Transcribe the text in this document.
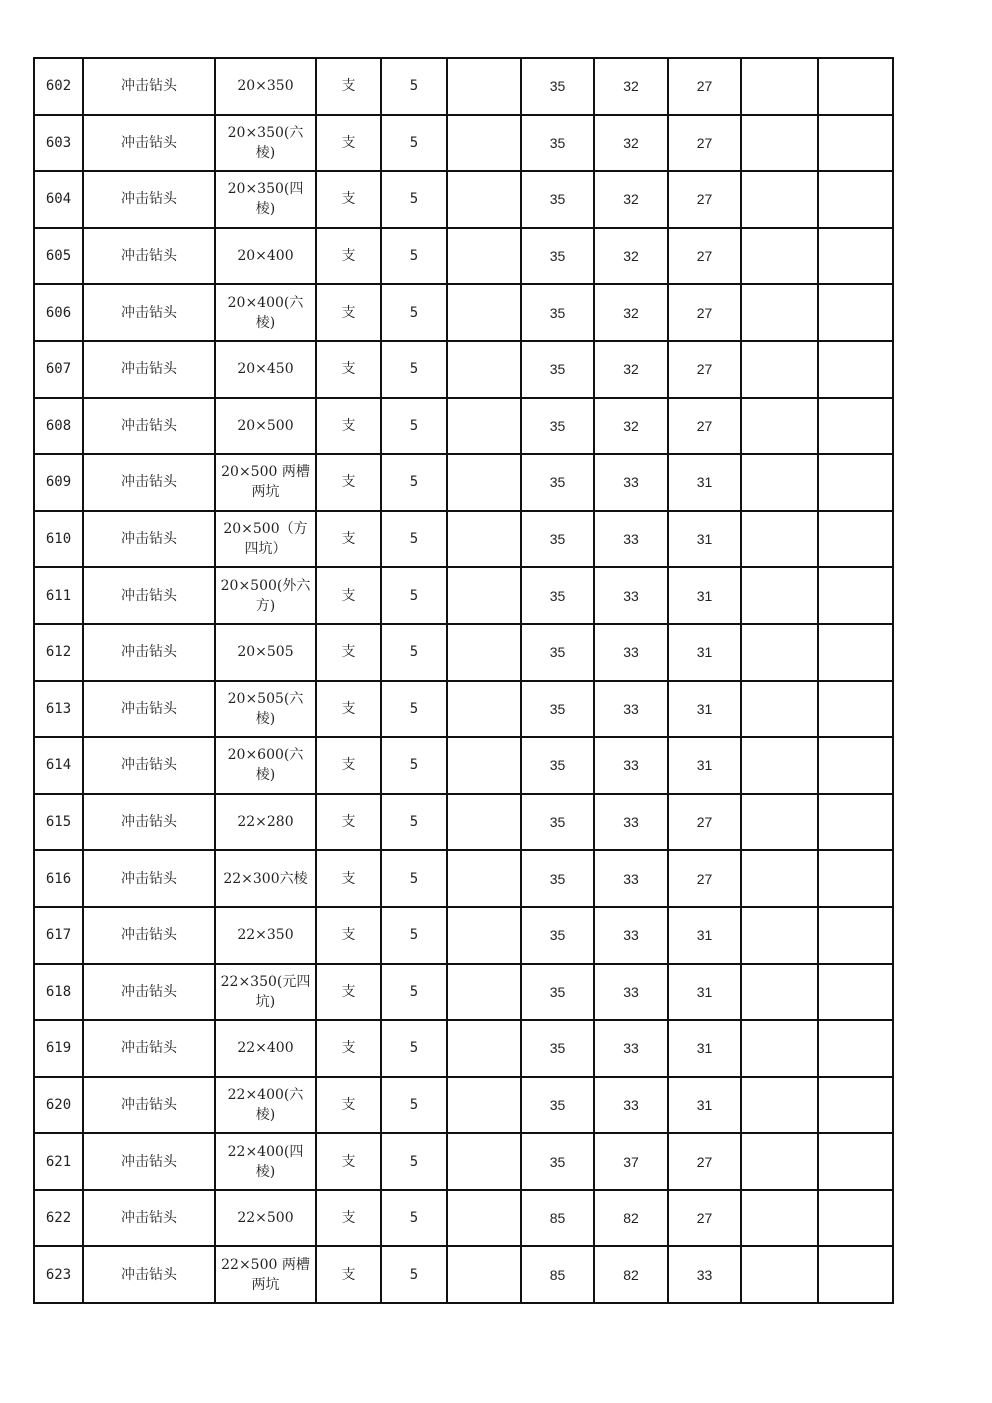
602	冲击钻头	20×350	支	5		35	32	27		
603	冲击钻头	20×350(六棱)	支	5		35	32	27		
604	冲击钻头	20×350(四棱)	支	5		35	32	27		
605	冲击钻头	20×400	支	5		35	32	27		
606	冲击钻头	20×400(六棱)	支	5		35	32	27		
607	冲击钻头	20×450	支	5		35	32	27		
608	冲击钻头	20×500	支	5		35	32	27		
609	冲击钻头	20×500 两槽两坑	支	5		35	33	31		
610	冲击钻头	20×500（方四坑）	支	5		35	33	31		
611	冲击钻头	20×500(外六方)	支	5		35	33	31		
612	冲击钻头	20×505	支	5		35	33	31		
613	冲击钻头	20×505(六棱)	支	5		35	33	31		
614	冲击钻头	20×600(六棱)	支	5		35	33	31		
615	冲击钻头	22×280	支	5		35	33	27		
616	冲击钻头	22×300六棱	支	5		35	33	27		
617	冲击钻头	22×350	支	5		35	33	31		
618	冲击钻头	22×350(元四坑)	支	5		35	33	31		
619	冲击钻头	22×400	支	5		35	33	31		
620	冲击钻头	22×400(六棱)	支	5		35	33	31		
621	冲击钻头	22×400(四棱)	支	5		35	37	27		
622	冲击钻头	22×500	支	5		85	82	27		
623	冲击钻头	22×500 两槽两坑	支	5		85	82	33		
